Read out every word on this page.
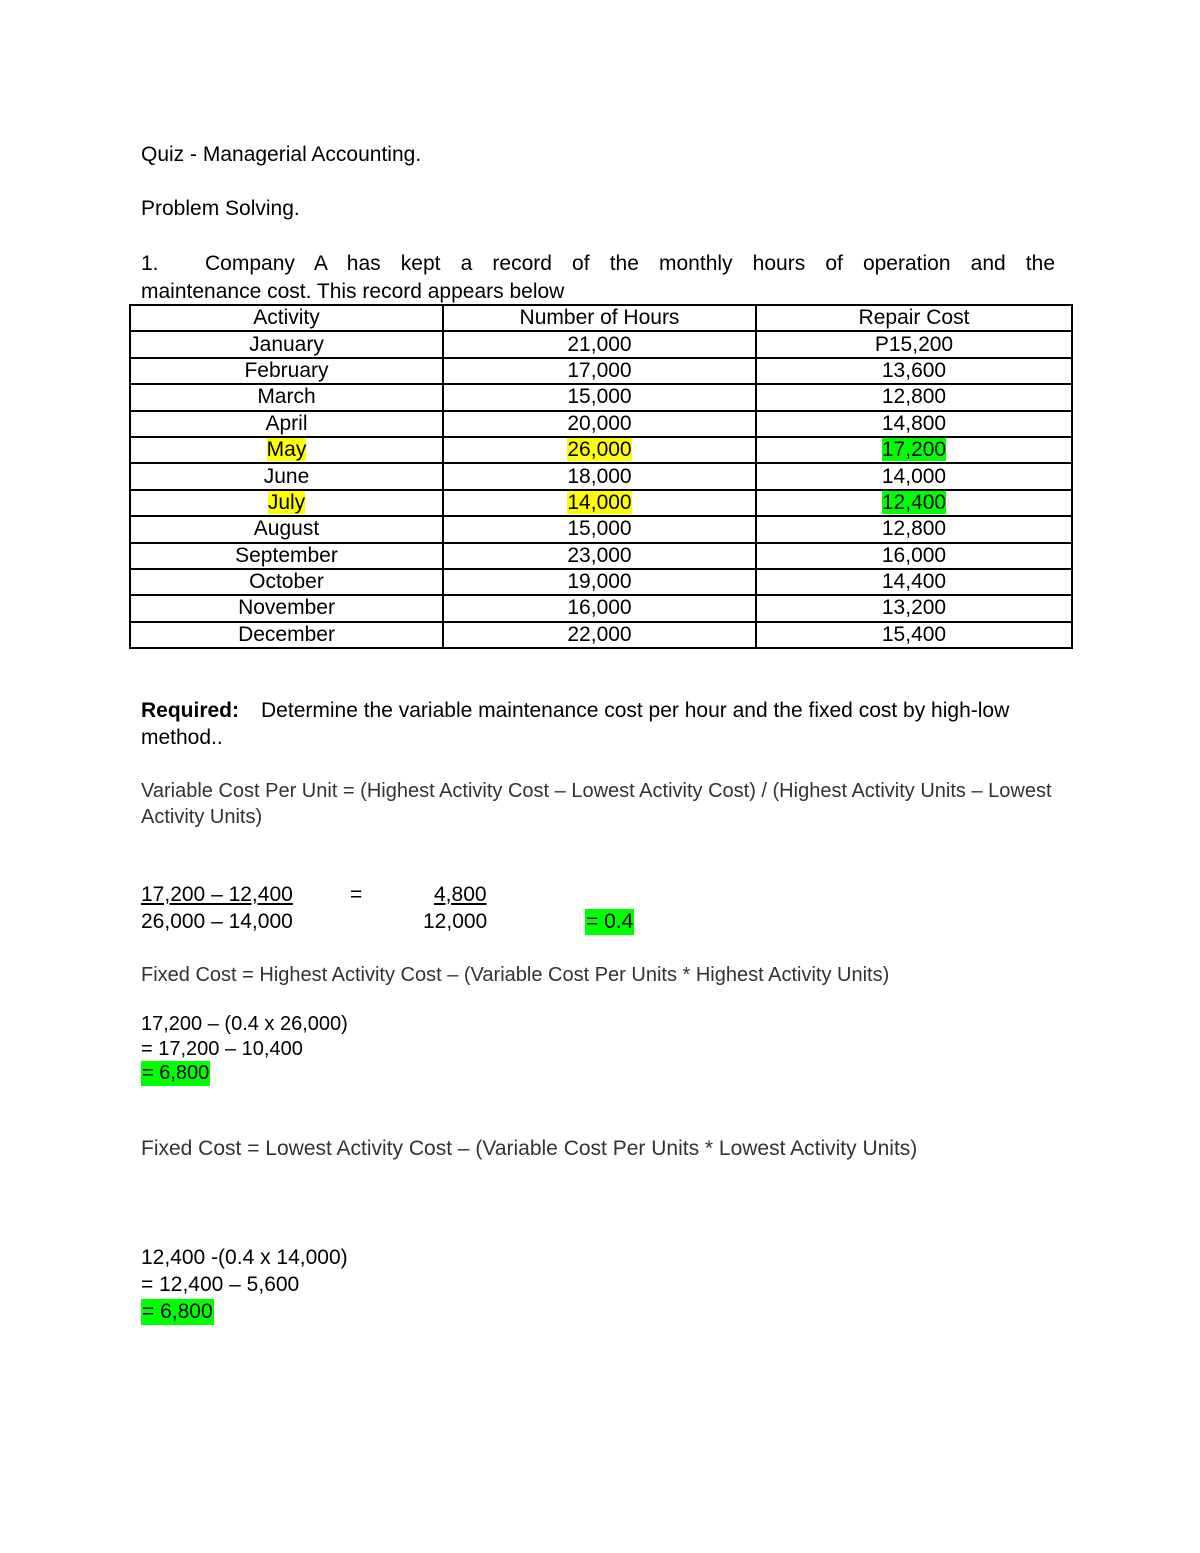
Quiz - Managerial Accounting.
Problem Solving.
1. Company A has kept a record of the monthly hours of operation and the
maintenance cost. This record appears below
Activity	Number of Hours	Repair Cost
January	21,000	P15,200
February	17,000	13,600
March	15,000	12,800
April	20,000	14,800
May	26,000	17,200
June	18,000	14,000
July	14,000	12,400
August	15,000	12,800
September	23,000	16,000
October	19,000	14,400
November	16,000	13,200
December	22,000	15,400
Required: Determine the variable maintenance cost per hour and the fixed cost by high-low method..
Variable Cost Per Unit = (Highest Activity Cost – Lowest Activity Cost) / (Highest Activity Units – Lowest Activity Units)
17,200 – 12,400	=	4,800
26,000 – 14,000	12,000	= 0.4
Fixed Cost = Highest Activity Cost – (Variable Cost Per Units * Highest Activity Units)
17,200 – (0.4 x 26,000)
= 17,200 – 10,400
= 6,800
Fixed Cost = Lowest Activity Cost – (Variable Cost Per Units * Lowest Activity Units)
12,400 -(0.4 x 14,000)
= 12,400 – 5,600
= 6,800
